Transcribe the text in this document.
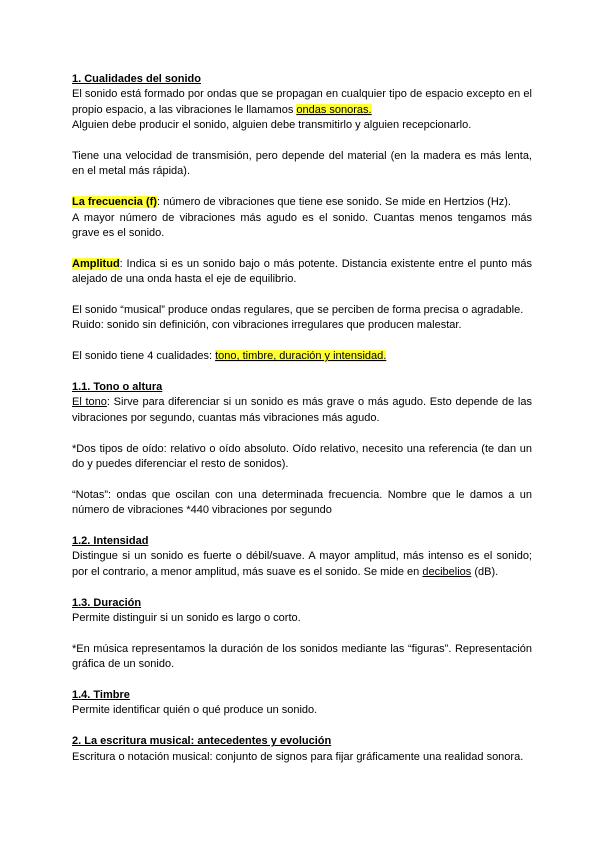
1. Cualidades del sonido

El sonido está formado por ondas que se propagan en cualquier tipo de espacio excepto en el propio espacio, a las vibraciones le llamamos ondas sonoras.

Alguien debe producir el sonido, alguien debe transmitirlo y alguien recepcionarlo.

Tiene una velocidad de transmisión, pero depende del material (en la madera es más lenta, en el metal más rápida).

La frecuencia (f): número de vibraciones que tiene ese sonido. Se mide en Hertzios (Hz).

A mayor número de vibraciones más agudo es el sonido. Cuantas menos tengamos más grave es el sonido.

Amplitud: Indica si es un sonido bajo o más potente. Distancia existente entre el punto más alejado de una onda hasta el eje de equilibrio.

El sonido “musical” produce ondas regulares, que se perciben de forma precisa o agradable.

Ruido: sonido sin definición, con vibraciones irregulares que producen malestar.

El sonido tiene 4 cualidades: tono, timbre, duración y intensidad.

1.1. Tono o altura

El tono: Sirve para diferenciar si un sonido es más grave o más agudo. Esto depende de las vibraciones por segundo, cuantas más vibraciones más agudo.

*Dos tipos de oído: relativo o oído absoluto. Oído relativo, necesito una referencia (te dan un do y puedes diferenciar el resto de sonidos).

“Notas”: ondas que oscilan con una determinada frecuencia. Nombre que le damos a un número de vibraciones *440 vibraciones por segundo

1.2. Intensidad

Distingue si un sonido es fuerte o débil/suave. A mayor amplitud, más intenso es el sonido; por el contrario, a menor amplitud, más suave es el sonido. Se mide en decibelios (dB).

1.3. Duración

Permite distinguir si un sonido es largo o corto.

*En música representamos la duración de los sonidos mediante las “figuras”. Representación gráfica de un sonido.

1.4. Timbre

Permite identificar quién o qué produce un sonido.

2. La escritura musical: antecedentes y evolución

Escritura o notación musical: conjunto de signos para fijar gráficamente una realidad sonora.
